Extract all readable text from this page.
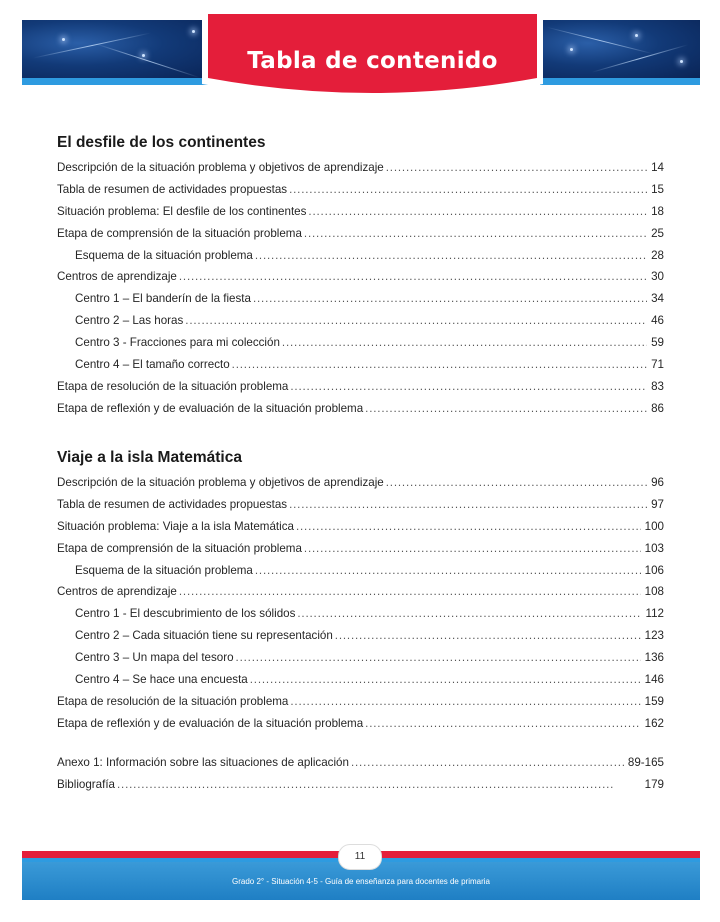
Tabla de contenido
El desfile de los continentes
Descripción de la situación problema y objetivos de aprendizaje . . .	14
Tabla de resumen de actividades propuestas . . .	15
Situación problema: El desfile de los continentes . . .	18
Etapa de comprensión de la situación problema . . .	25
Esquema de la situación problema . . .	28
Centros de aprendizaje . . .	30
Centro 1 – El banderín de la fiesta . . .	34
Centro 2 – Las horas . . .	46
Centro 3 - Fracciones para mi colección . . .	59
Centro 4 – El tamaño correcto . . .	71
Etapa de resolución de la situación problema . . .	83
Etapa de reflexión y de evaluación de la situación problema . . .	86
Viaje a la isla Matemática
Descripción de la situación problema y objetivos de aprendizaje . . .	96
Tabla de resumen de actividades propuestas . . .	97
Situación problema: Viaje a la isla Matemática . . .	100
Etapa de comprensión de la situación problema . . .	103
Esquema de la situación problema . . .	106
Centros de aprendizaje . . .	108
Centro 1 - El descubrimiento de los sólidos . . .	112
Centro 2 – Cada situación tiene su representación . . .	123
Centro 3 – Un mapa del tesoro . . .	136
Centro 4 – Se hace una encuesta . . .	146
Etapa de resolución de la situación problema . . .	159
Etapa de reflexión y de evaluación de la situación problema . . .	162
Anexo 1: Información sobre las situaciones de aplicación . . .	89-165
Bibliografía . . .	179
11
Grado 2° - Situación 4-5 - Guía de enseñanza para docentes de primaria
